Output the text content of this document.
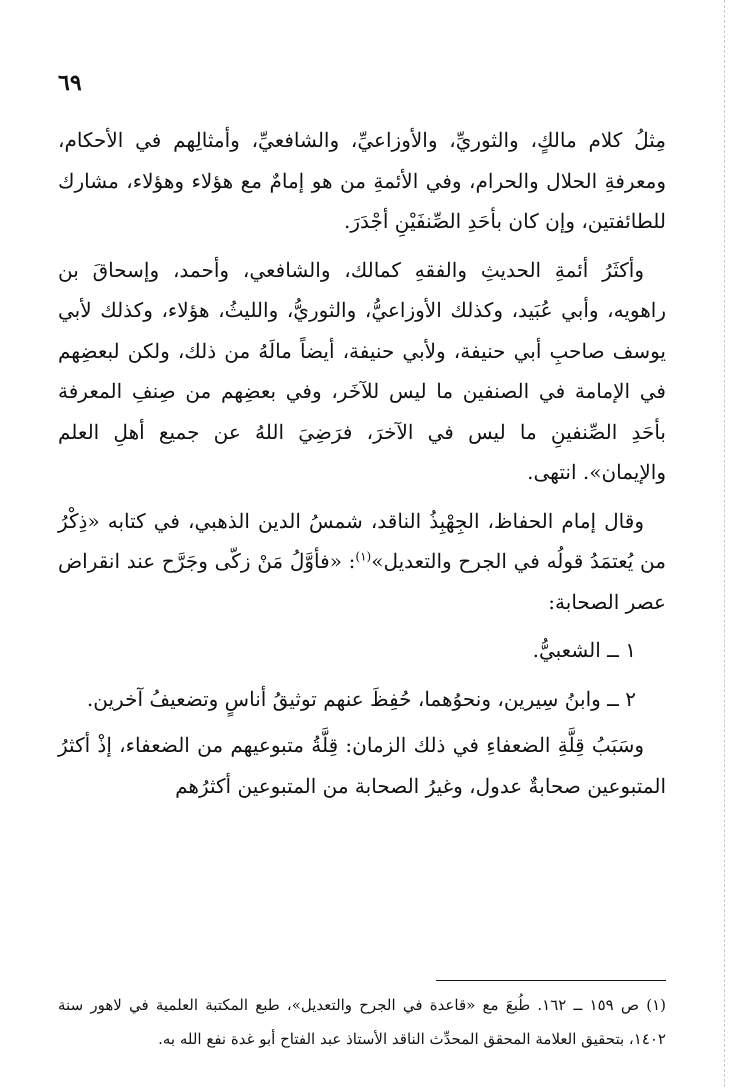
٦٩

مِثلُ كلام مالكٍ، والثوريِّ، والأوزاعيِّ، والشافعيِّ، وأمثالِهم في الأحكام، ومعرفةِ الحلال والحرام، وفي الأئمةِ من هو إمامٌ مع هؤلاء وهؤلاء، مشارك للطائفتين، وإن كان بأحَدِ الصِّنفَيْنِ أجْدَرَ.

وأكثَرُ أئمةِ الحديثِ والفقهِ كمالك، والشافعي، وأحمد، وإسحاقَ بن راهويه، وأبي عُبَيد، وكذلك الأوزاعيُّ، والثوريُّ، والليثُ، هؤلاء، وكذلك لأبي يوسف صاحبِ أبي حنيفة، ولأبي حنيفة، أيضاً مالَهُ من ذلك، ولكن لبعضِهم في الإمامة في الصنفين ما ليس للآخَر، وفي بعضِهم من صِنفِ المعرفة بأحَدِ الصِّنفينِ ما ليس في الآخرَ، فرَضِيَ اللهُ عن جميع أهلِ العلم والإيمان». انتهى.

وقال إمام الحفاظ، الجِهْبِذُ الناقد، شمسُ الدين الذهبي، في كتابه «ذِكْرُ من يُعتمَدُ قولُه في الجرح والتعديل»$^{(١)}$: «فأوَّلُ مَنْ زكّى وجَرَّح عند انقراض عصر الصحابة:

١ ــ الشعبيُّ.

٢ ــ وابنُ سِيرين، ونحوُهما، حُفِظَ عنهم توثيقُ أناسٍ وتضعيفُ آخرين.

وسَبَبُ قِلَّةِ الضعفاءِ في ذلك الزمان: قِلَّةُ متبوعيهم من الضعفاء، إذْ أكثرُ المتبوعين صحابةٌ عدول، وغيرُ الصحابة من المتبوعين أكثرُهم

(١) ص ١٥٩ ــ ١٦٢. طُبعَ مع «قاعدة في الجرح والتعديل»، طبع المكتبة العلمية في لاهور سنة ١٤٠٢، بتحقيق العلامة المحقق المحدِّث الناقد الأستاذ عبد الفتاح أبو غدة نفع الله به.
